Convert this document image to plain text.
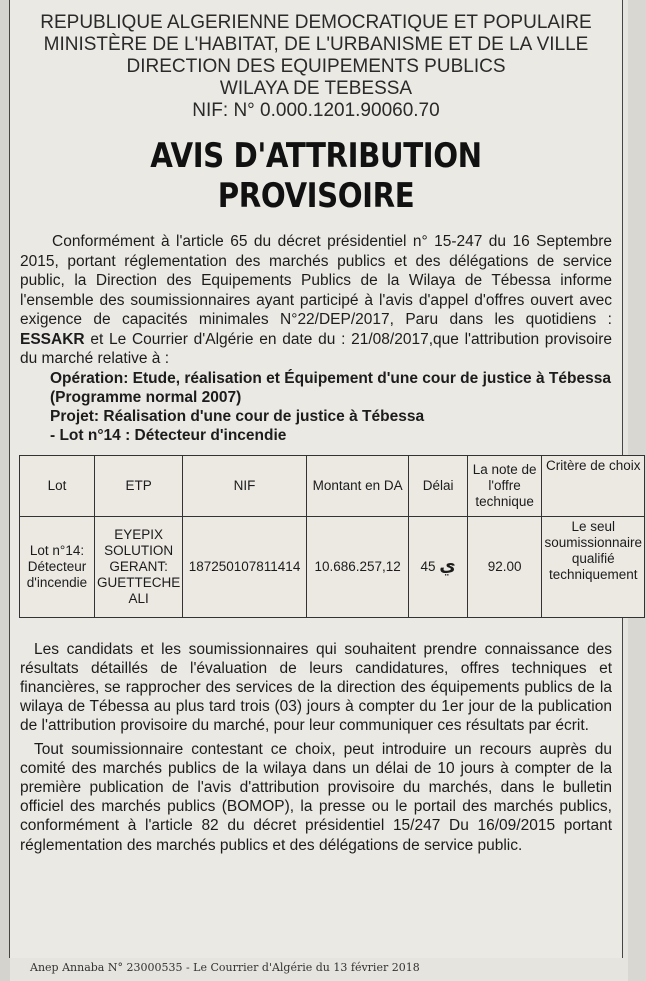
REPUBLIQUE ALGERIENNE DEMOCRATIQUE ET POPULAIRE
MINISTÈRE DE L'HABITAT, DE L'URBANISME ET DE LA VILLE
DIRECTION DES EQUIPEMENTS PUBLICS
WILAYA DE TEBESSA
NIF: N° 0.000.1201.90060.70
AVIS D'ATTRIBUTION PROVISOIRE
Conformément à l'article 65 du décret présidentiel n° 15-247 du 16 Septembre 2015, portant réglementation des marchés publics et des délégations de service public, la Direction des Equipements Publics de la Wilaya de Tébessa informe l'ensemble des soumissionnaires ayant participé à l'avis d'appel d'offres ouvert avec exigence de capacités minimales N°22/DEP/2017, Paru dans les quotidiens : ESSAKR et Le Courrier d'Algérie en date du : 21/08/2017,que l'attribution provisoire du marché relative à :
Opération: Etude, réalisation et Équipement d'une cour de justice à Tébessa (Programme normal 2007)
Projet: Réalisation d'une cour de justice à Tébessa
- Lot n°14 : Détecteur d'incendie
Lot	ETP	NIF	Montant en DA	Délai	La note de l'offre technique	Critère de choix
Lot n°14: Détecteur d'incendie	EYEPIX SOLUTION GERANT: GUETTECHE ALI	187250107811414	10.686.257,12	ي 45	92.00	Le seul soumissionnaire qualifié techniquement
Les candidats et les soumissionnaires qui souhaitent prendre connaissance des résultats détaillés de l'évaluation de leurs candidatures, offres techniques et financières, se rapprocher des services de la direction des équipements publics de la wilaya de Tébessa au plus tard trois (03) jours à compter du 1er jour de la publication de l'attribution provisoire du marché, pour leur communiquer ces résultats par écrit.
Tout soumissionnaire contestant ce choix, peut introduire un recours auprès du comité des marchés publics de la wilaya dans un délai de 10 jours à compter de la première publication de l'avis d'attribution provisoire du marchés, dans le bulletin officiel des marchés publics (BOMOP), la presse ou le portail des marchés publics, conformément à l'article 82 du décret présidentiel 15/247 Du 16/09/2015 portant réglementation des marchés publics et des délégations de service public.
Anep Annaba N° 23000535 - Le Courrier d'Algérie du 13 février 2018
